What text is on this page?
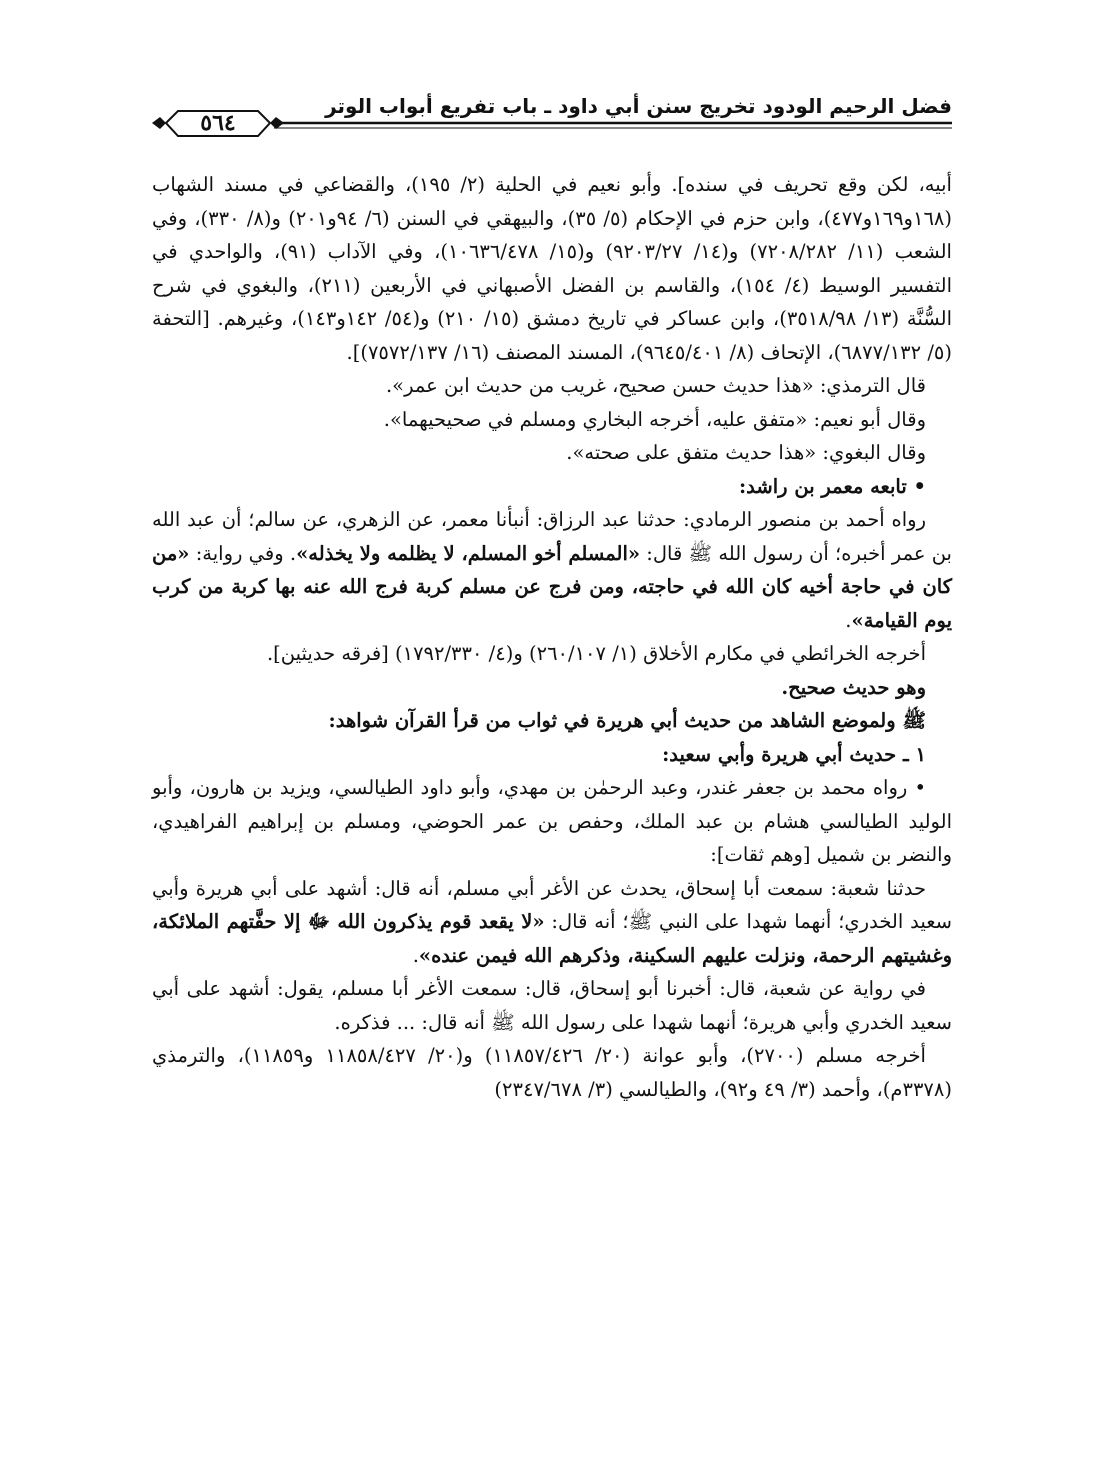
فضل الرحيم الودود تخريج سنن أبي داود ـ باب تفريع أبواب الوتر
٥٦٤

أبيه، لكن وقع تحريف في سنده]. وأبو نعيم في الحلية (٢/ ١٩٥)، والقضاعي في مسند الشهاب (١٦٨و١٦٩و٤٧٧)، وابن حزم في الإحكام (٥/ ٣٥)، والبيهقي في السنن (٦/ ٩٤و٢٠١) و(٨/ ٣٣٠)، وفي الشعب (١١/ ٧٢٠٨/٢٨٢) و(١٤/ ٩٢٠٣/٢٧) و(١٥/ ١٠٦٣٦/٤٧٨)، وفي الآداب (٩١)، والواحدي في التفسير الوسيط (٤/ ١٥٤)، والقاسم بن الفضل الأصبهاني في الأربعين (٢١١)، والبغوي في شرح السُّنَّة (١٣/ ٣٥١٨/٩٨)، وابن عساكر في تاريخ دمشق (١٥/ ٢١٠) و(٥٤/ ١٤٢و١٤٣)، وغيرهم. [التحفة (٥/ ٦٨٧٧/١٣٢)، الإتحاف (٨/ ٩٦٤٥/٤٠١)، المسند المصنف (١٦/ ٧٥٧٢/١٣٧)].

قال الترمذي: «هذا حديث حسن صحيح، غريب من حديث ابن عمر».

وقال أبو نعيم: «متفق عليه، أخرجه البخاري ومسلم في صحيحيهما».

وقال البغوي: «هذا حديث متفق على صحته».

• تابعه معمر بن راشد:

رواه أحمد بن منصور الرمادي: حدثنا عبد الرزاق: أنبأنا معمر، عن الزهري، عن سالم؛ أن عبد الله بن عمر أخبره؛ أن رسول الله ﷺ قال: «المسلم أخو المسلم، لا يظلمه ولا يخذله». وفي رواية: «من كان في حاجة أخيه كان الله في حاجته، ومن فرج عن مسلم كربة فرج الله عنه بها كربة من كرب يوم القيامة».

أخرجه الخرائطي في مكارم الأخلاق (١/ ٢٦٠/١٠٧) و(٤/ ١٧٩٢/٣٣٠) [فرقه حديثين].

وهو حديث صحيح.

ﷺ ولموضع الشاهد من حديث أبي هريرة في ثواب من قرأ القرآن شواهد:

١ ـ حديث أبي هريرة وأبي سعيد:

• رواه محمد بن جعفر غندر، وعبد الرحمٰن بن مهدي، وأبو داود الطيالسي، ويزيد بن هارون، وأبو الوليد الطيالسي هشام بن عبد الملك، وحفص بن عمر الحوضي، ومسلم بن إبراهيم الفراهيدي، والنضر بن شميل [وهم ثقات]:

حدثنا شعبة: سمعت أبا إسحاق، يحدث عن الأغر أبي مسلم، أنه قال: أشهد على أبي هريرة وأبي سعيد الخدري؛ أنهما شهدا على النبي ﷺ؛ أنه قال: «لا يقعد قوم يذكرون الله ﷻ إلا حفَّتهم الملائكة، وغشيتهم الرحمة، ونزلت عليهم السكينة، وذكرهم الله فيمن عنده».

في رواية عن شعبة، قال: أخبرنا أبو إسحاق، قال: سمعت الأغر أبا مسلم، يقول: أشهد على أبي سعيد الخدري وأبي هريرة؛ أنهما شهدا على رسول الله ﷺ أنه قال: ... فذكره.

أخرجه مسلم (٢٧٠٠)، وأبو عوانة (٢٠/ ١١٨٥٧/٤٢٦) و(٢٠/ ١١٨٥٨/٤٢٧ و١١٨٥٩)، والترمذي (٣٣٧٨م)، وأحمد (٣/ ٤٩ و٩٢)، والطيالسي (٣/ ٢٣٤٧/٦٧٨)
